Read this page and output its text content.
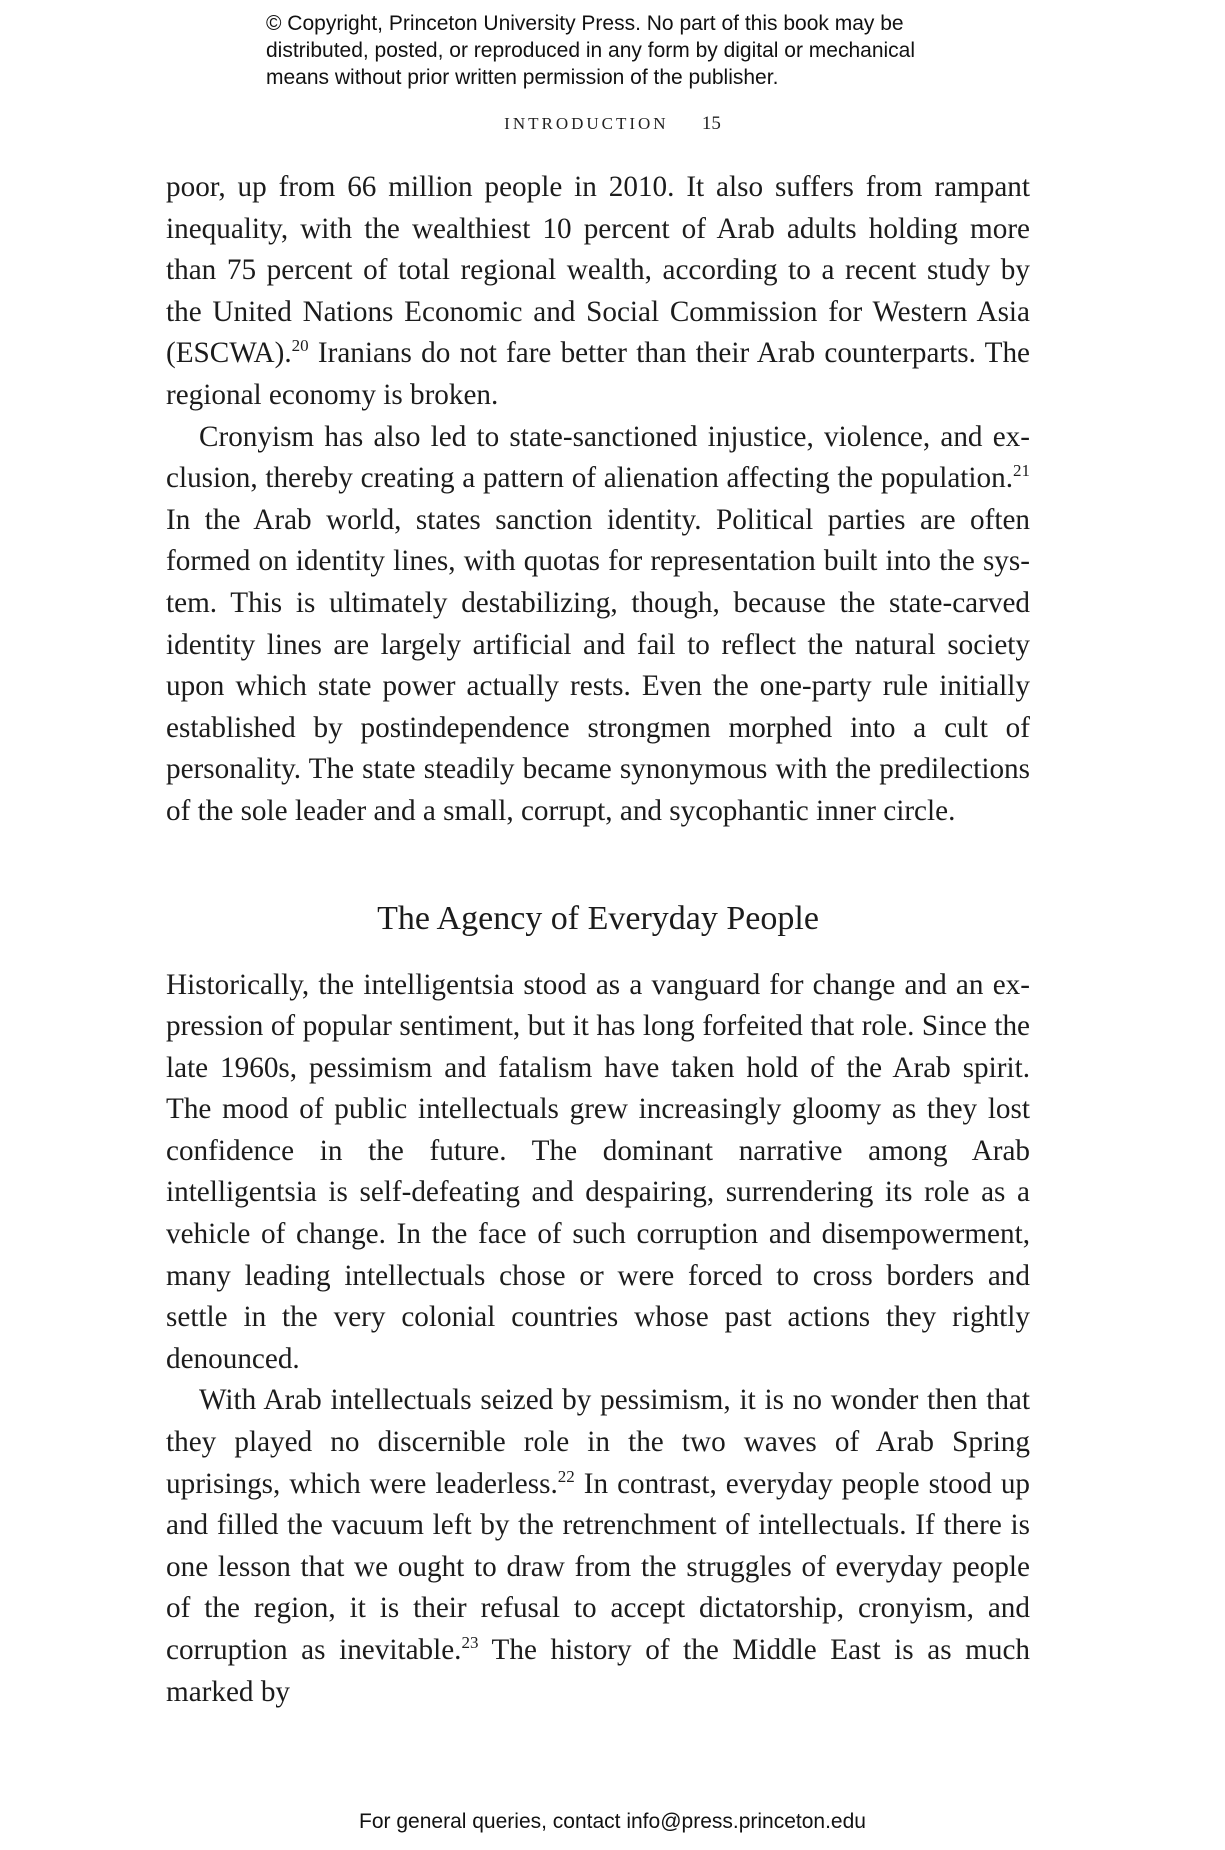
© Copyright, Princeton University Press. No part of this book may be
distributed, posted, or reproduced in any form by digital or mechanical
means without prior written permission of the publisher.
INTRODUCTION 15

poor, up from 66 million people in 2010. It also suffers from rampant inequality, with the wealthiest 10 percent of Arab adults holding more than 75 percent of total regional wealth, according to a recent study by the United Nations Economic and Social Commission for Western Asia (ESCWA).$^{20}$ Iranians do not fare better than their Arab counterparts. The regional economy is broken.

Cronyism has also led to state-sanctioned injustice, violence, and exclusion, thereby creating a pattern of alienation affecting the population.$^{21}$ In the Arab world, states sanction identity. Political parties are often formed on identity lines, with quotas for representation built into the system. This is ultimately destabilizing, though, because the state-carved identity lines are largely artificial and fail to reflect the natural society upon which state power actually rests. Even the one-party rule initially established by postindependence strongmen morphed into a cult of personality. The state steadily became synonymous with the predilections of the sole leader and a small, corrupt, and sycophantic inner circle.

The Agency of Everyday People

Historically, the intelligentsia stood as a vanguard for change and an expression of popular sentiment, but it has long forfeited that role. Since the late 1960s, pessimism and fatalism have taken hold of the Arab spirit. The mood of public intellectuals grew increasingly gloomy as they lost confidence in the future. The dominant narrative among Arab intelligentsia is self-defeating and despairing, surrendering its role as a vehicle of change. In the face of such corruption and disempowerment, many leading intellectuals chose or were forced to cross borders and settle in the very colonial countries whose past actions they rightly denounced.

With Arab intellectuals seized by pessimism, it is no wonder then that they played no discernible role in the two waves of Arab Spring uprisings, which were leaderless.$^{22}$ In contrast, everyday people stood up and filled the vacuum left by the retrenchment of intellectuals. If there is one lesson that we ought to draw from the struggles of everyday people of the region, it is their refusal to accept dictatorship, cronyism, and corruption as inevitable.$^{23}$ The history of the Middle East is as much marked by

For general queries, contact info@press.princeton.edu
